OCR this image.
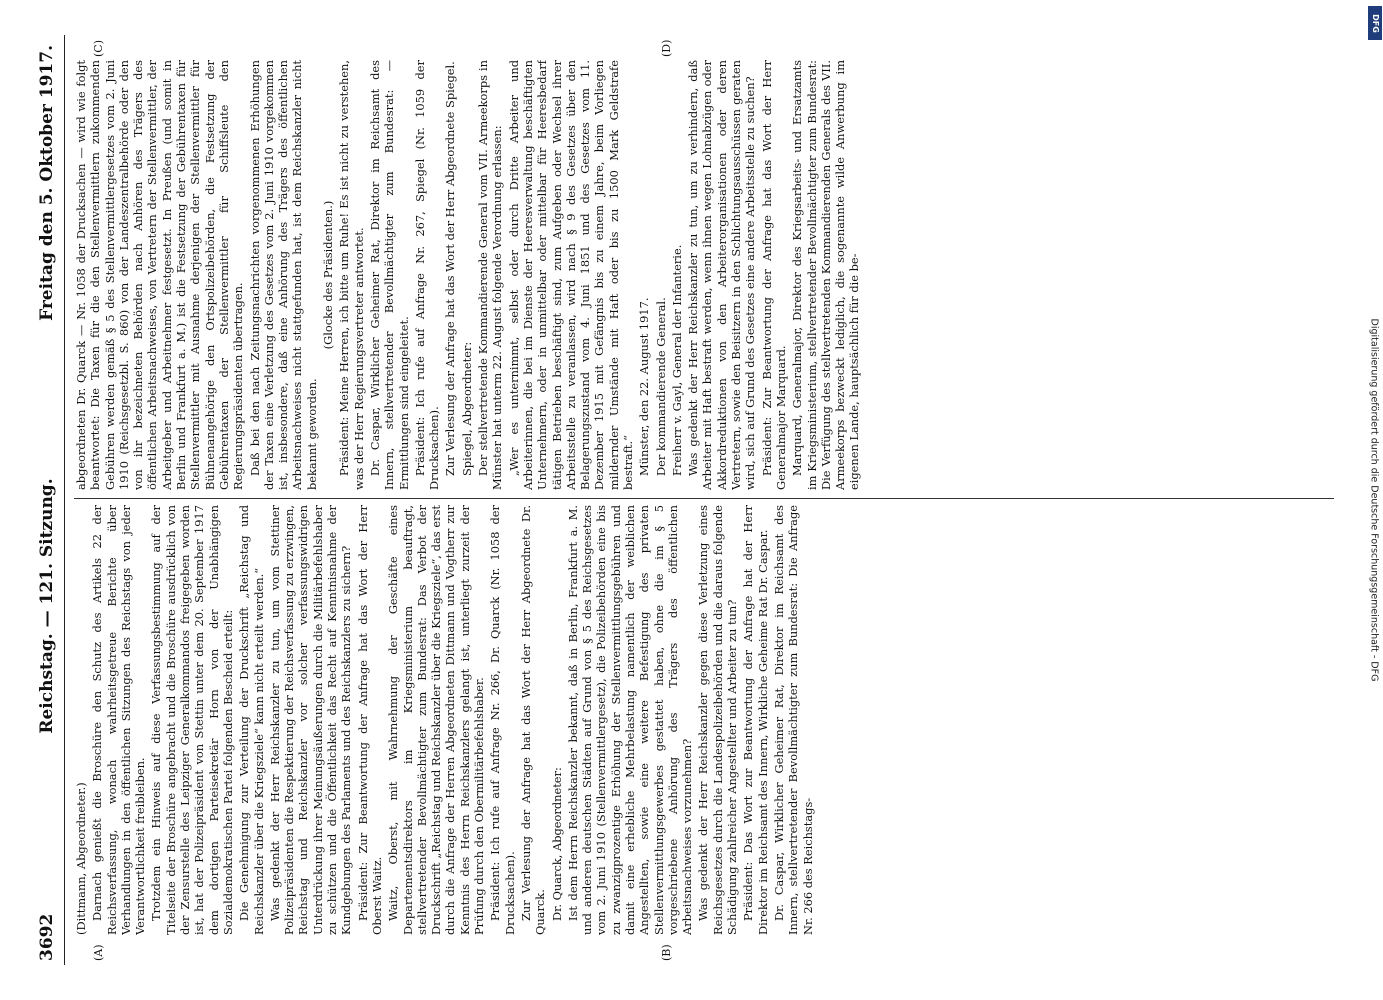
3692
Reichstag. — 121. Sitzung.
Freitag den 5. Oktober 1917.
(A)	(B)
(C)	(D)

(Dittmann, Abgeordneter.) Darnach genießt die Broschüre den Schutz des Artikels 22 der Reichsverfassung, wonach wahrheitsgetreue Berichte über Verhandlungen in den öffentlichen Sitzungen des Reichstags von jeder Verantwortlichkeit freibleiben. Trotzdem ein Hinweis auf diese Verfassungsbestimmung auf der Titelseite der Broschüre angebracht und die Broschüre ausdrücklich von der Zensurstelle des Leipziger Generalkommandos freigegeben worden ist, hat der Polizeipräsident von Stettin unter dem 20. September 1917 dem dortigen Parteisekretär Horn von der Unabhängigen Sozialdemokratischen Partei folgenden Bescheid erteilt: Die Genehmigung zur Verteilung der Druckschrift „Reichstag und Reichskanzler über die Kriegsziele“ kann nicht erteilt werden.“ Was gedenkt der Herr Reichskanzler zu tun, um vom Stettiner Polizeipräsidenten die Respektierung der Reichsverfassung zu erzwingen, Reichstag und Reichskanzler vor solcher verfassungswidrigen Unterdrückung ihrer Meinungsäußerungen durch die Militärbefehlshaber zu schützen und die Öffentlichkeit das Recht auf Kenntnisnahme der Kundgebungen des Parlaments und des Reichskanzlers zu sichern? Präsident: Zur Beantwortung der Anfrage hat das Wort der Herr Oberst Waitz. Waitz, Oberst, mit Wahrnehmung der Geschäfte eines Departementsdirektors im Kriegsministerium beauftragt, stellvertretender Bevollmächtigter zum Bundesrat: Das Verbot der Druckschrift „Reichstag und Reichskanzler über die Kriegsziele“, das erst durch die Anfrage der Herren Abgeordneten Dittmann und Vogtherr zur Kenntnis des Herrn Reichskanzlers gelangt ist, unterliegt zurzeit der Prüfung durch den Obermilitärbefehlshaber. Präsident: Ich rufe auf Anfrage Nr. 266, Dr. Quarck (Nr. 1058 der Drucksachen). Zur Verlesung der Anfrage hat das Wort der Herr Abgeordnete Dr. Quarck. Dr. Quarck, Abgeordneter: Ist dem Herrn Reichskanzler bekannt, daß in Berlin, Frankfurt a. M. und anderen deutschen Städten auf Grund von § 5 des Reichsgesetzes vom 2. Juni 1910 (Stellenvermittlergesetz), die Polizeibehörden eine bis zu zwanzigprozentige Erhöhung der Stellenvermittlungsgebühren und damit eine erhebliche Mehrbelastung namentlich der weiblichen Angestellten, sowie eine weitere Befestigung des privaten Stellenvermittlungsgewerbes gestattet haben, ohne die im § 5 vorgeschriebene Anhörung des Trägers des öffentlichen Arbeitsnachweises vorzunehmen? Was gedenkt der Herr Reichskanzler gegen diese Verletzung eines Reichsgesetzes durch die Landespolizeibehörden und die daraus folgende Schädigung zahlreicher Angestellter und Arbeiter zu tun? Präsident: Das Wort zur Beantwortung der Anfrage hat der Herr Direktor im Reichsamt des Innern, Wirkliche Geheime Rat Dr. Caspar. Dr. Caspar, Wirklicher Geheimer Rat, Direktor im Reichsamt des Innern, stellvertretender Bevollmächtigter zum Bundesrat: Die Anfrage Nr. 266 des Reichstags-

abgeordneten Dr. Quarck — Nr. 1058 der Drucksachen — wird wie folgt beantwortet: Die Taxen für die den Stellenvermittlern zukommenden Gebühren werden gemäß § 5 des Stellenvermittlergesetzes vom 2. Juni 1910 (Reichsgesetzbl. S. 860) von der Landeszentralbehörde oder den von ihr bezeichneten Behörden nach Anhören des Trägers des öffentlichen Arbeitsnachweises, von Vertretern der Stellenvermittler, der Arbeitgeber und Arbeitnehmer festgesetzt. In Preußen (und somit in Berlin und Frankfurt a. M.) ist die Festsetzung der Gebührentaxen für Stellenvermittler mit Ausnahme derjenigen der Stellenvermittler für Bühnenangehörige den Ortspolizeibehörden, die Festsetzung der Gebührentaxen der Stellenvermittler für Schiffsleute den Regierungspräsidenten übertragen. Daß bei den nach Zeitungsnachrichten vorgenommenen Erhöhungen der Taxen eine Verletzung des Gesetzes vom 2. Juni 1910 vorgekommen ist, insbesondere, daß eine Anhörung des Trägers des öffentlichen Arbeitsnachweises nicht stattgefunden hat, ist dem Reichskanzler nicht bekannt geworden.

(Glocke des Präsidenten.) Präsident: Meine Herren, ich bitte um Ruhe! Es ist nicht zu verstehen, was der Herr Regierungsvertreter antwortet. Dr. Caspar, Wirklicher Geheimer Rat, Direktor im Reichsamt des Innern, stellvertretender Bevollmächtigter zum Bundesrat: — Ermittlungen sind eingeleitet. Präsident: Ich rufe auf Anfrage Nr. 267, Spiegel (Nr. 1059 der Drucksachen). Zur Verlesung der Anfrage hat das Wort der Herr Abgeordnete Spiegel. Spiegel, Abgeordneter: Der stellvertretende Kommandierende General vom VII. Armeekorps in Münster hat unterm 22. August folgende Verordnung erlassen: „Wer es unternimmt, selbst oder durch Dritte Arbeiter und Arbeiterinnen, die bei im Dienste der Heeresverwaltung beschäftigten Unternehmern, oder in unmittelbar oder mittelbar für Heeresbedarf tätigen Betrieben beschäftigt sind, zum Aufgeben oder Wechsel ihrer Arbeitsstelle zu veranlassen, wird nach § 9 des Gesetzes über den Belagerungszustand vom 4. Juni 1851 und des Gesetzes vom 11. Dezember 1915 mit Gefängnis bis zu einem Jahre, beim Vorliegen mildernder Umstände mit Haft oder bis zu 1500 Mark Geldstrafe bestraft.“ Münster, den 22. August 1917. Der kommandierende General. Freiherr v. Gayl, General der Infanterie. Was gedenkt der Herr Reichskanzler zu tun, um zu verhindern, daß Arbeiter mit Haft bestraft werden, wenn ihnen wegen Lohnabzügen oder Akkordreduktionen von den Arbeiterorganisationen oder deren Vertretern, sowie den Beisitzern in den Schlichtungsausschüssen geraten wird, sich auf Grund des Gesetzes eine andere Arbeitsstelle zu suchen? Präsident: Zur Beantwortung der Anfrage hat das Wort der Herr Generalmajor Marquard. Marquard, Generalmajor, Direktor des Kriegsarbeits- und Ersatzamts im Kriegsministerium, stellvertretender Bevollmächtigter zum Bundesrat: Die Verfügung des stellvertretenden Kommandierenden Generals des VII. Armeekorps bezweckt lediglich, die sogenannte wilde Anwerbung im eigenen Lande, hauptsächlich für die be-

DFG
Digitalisierung gefördert durch die Deutsche Forschungsgemeinschaft - DFG
